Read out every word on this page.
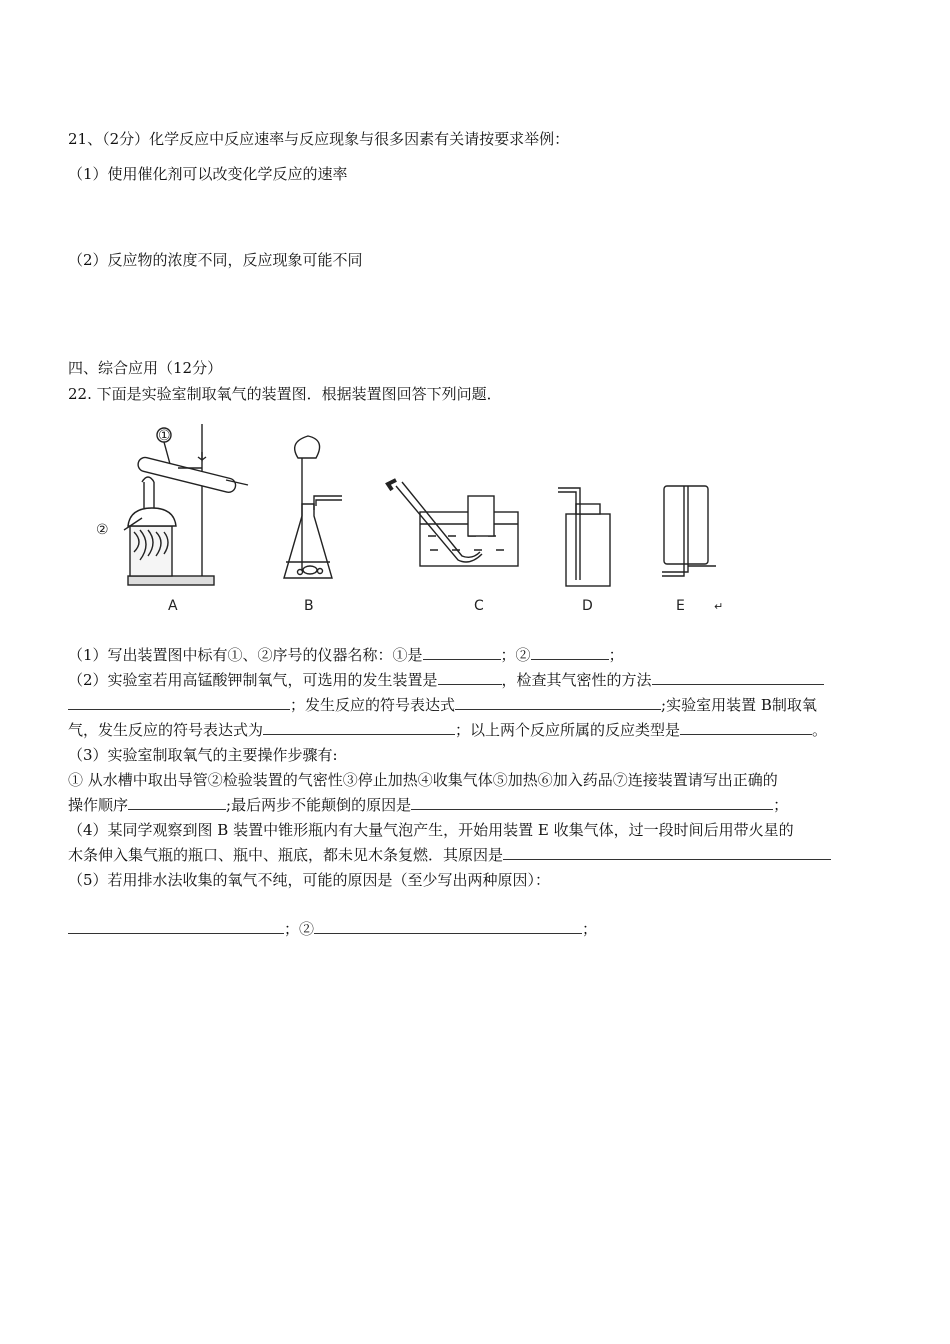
21、（2分）化学反应中反应速率与反应现象与很多因素有关请按要求举例：
（1）使用催化剂可以改变化学反应的速率
（2）反应物的浓度不同，反应现象可能不同
四、综合应用（12分）
22. 下面是实验室制取氧气的装置图．根据装置图回答下列问题．
①
②
A	B	C	D	E	↵
（1）写出装置图中标有①、②序号的仪器名称：①是	；②	；
（2）实验室若用高锰酸钾制氧气，可选用的发生装置是	，检查其气密性的方法
；发生反应的符号表达式	;实验室用装置 B制取氧
气，发生反应的符号表达式为	；以上两个反应所属的反应类型是	。
（3）实验室制取氧气的主要操作步骤有:
① 从水槽中取出导管②检验装置的气密性③停止加热④收集气体⑤加热⑥加入药品⑦连接装置请写出正确的
操作顺序	;最后两步不能颠倒的原因是	；
（4）某同学观察到图 B 装置中锥形瓶内有大量气泡产生，开始用装置 E 收集气体，过一段时间后用带火星的
木条伸入集气瓶的瓶口、瓶中、瓶底，都未见木条复燃．其原因是
（5）若用排水法收集的氧气不纯，可能的原因是（至少写出两种原因）：
；②	；
